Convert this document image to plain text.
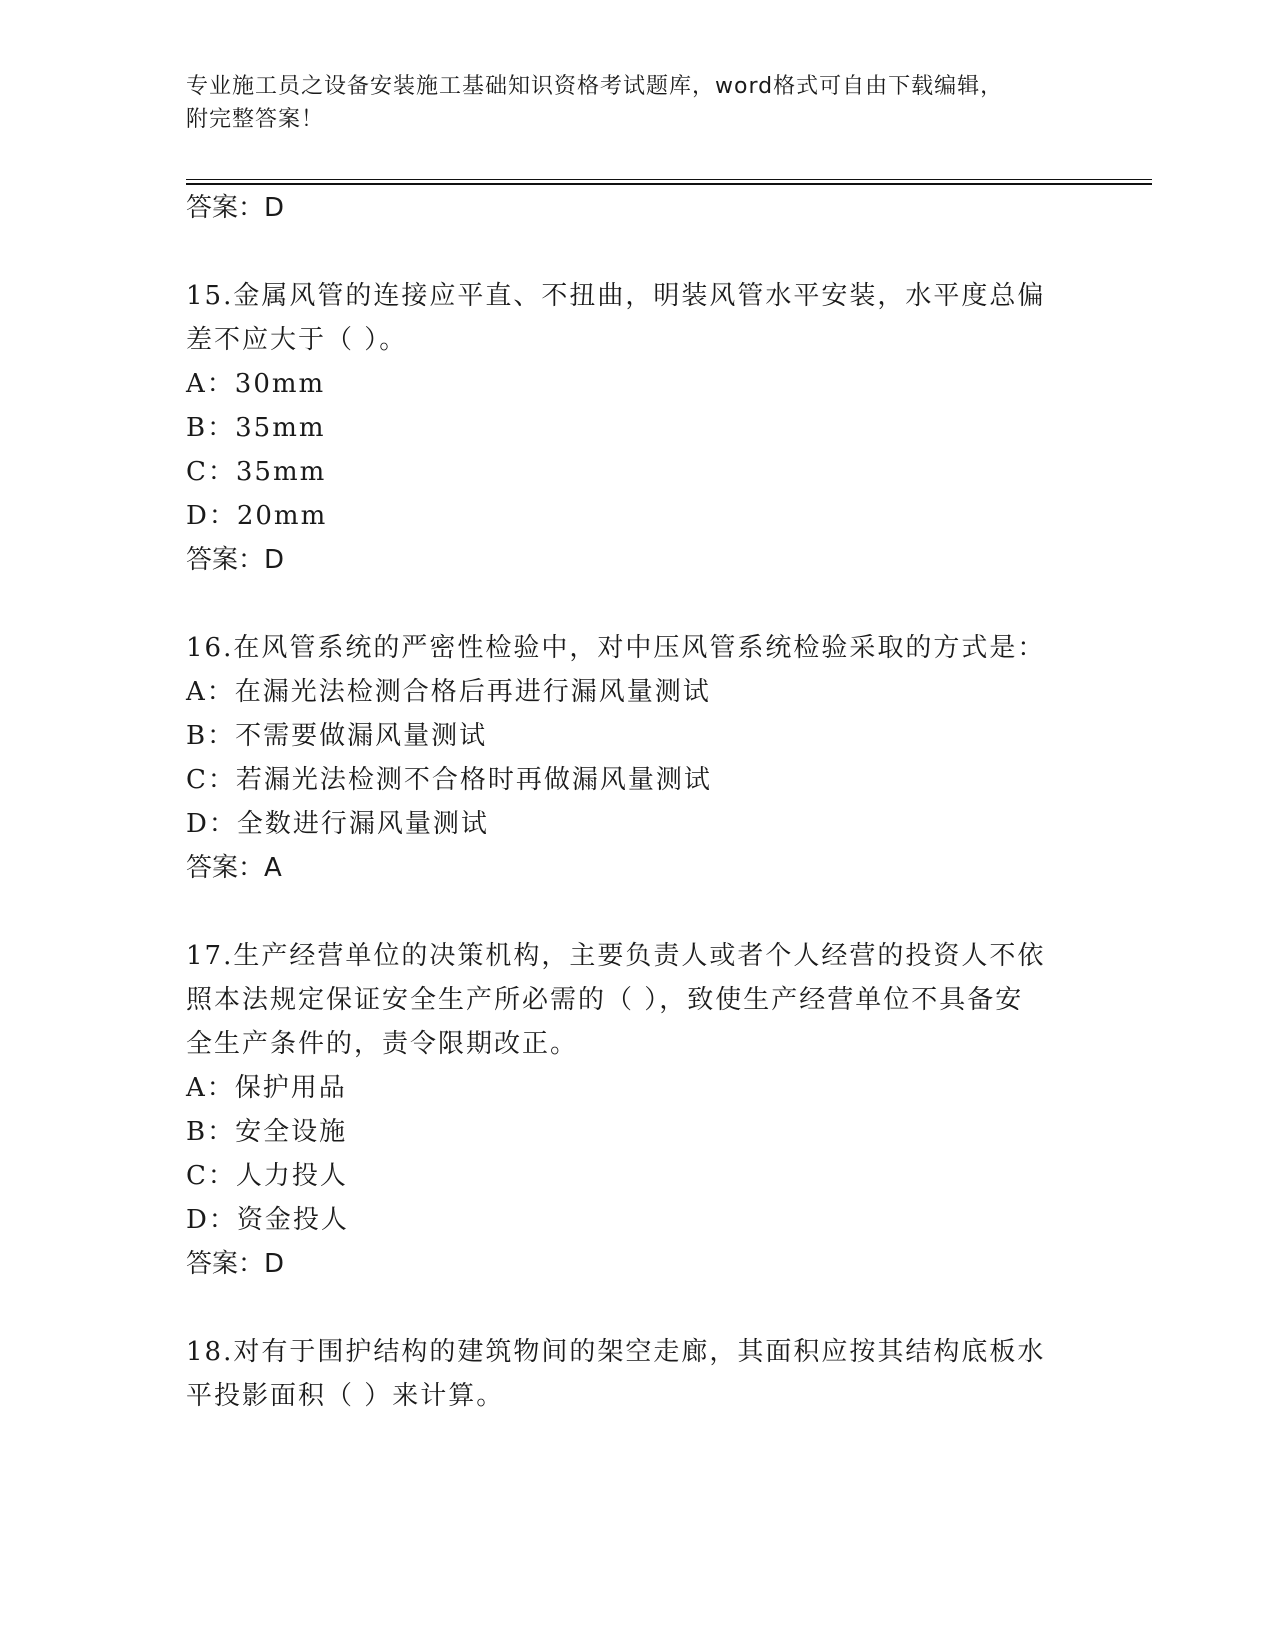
专业施工员之设备安装施工基础知识资格考试题库，word格式可自由下载编辑，
附完整答案！
答案：D
15.金属风管的连接应平直、不扭曲，明装风管水平安装，水平度总偏
差不应大于（ ）。
A：30mm
B：35mm
C：35mm
D：20mm
答案：D
16.在风管系统的严密性检验中，对中压风管系统检验采取的方式是：
A：在漏光法检测合格后再进行漏风量测试
B：不需要做漏风量测试
C：若漏光法检测不合格时再做漏风量测试
D：全数进行漏风量测试
答案：A
17.生产经营单位的决策机构，主要负责人或者个人经营的投资人不依
照本法规定保证安全生产所必需的（ ），致使生产经营单位不具备安
全生产条件的，责令限期改正。
A：保护用品
B：安全设施
C：人力投人
D：资金投人
答案：D
18.对有于围护结构的建筑物间的架空走廊，其面积应按其结构底板水
平投影面积（ ）来计算。
